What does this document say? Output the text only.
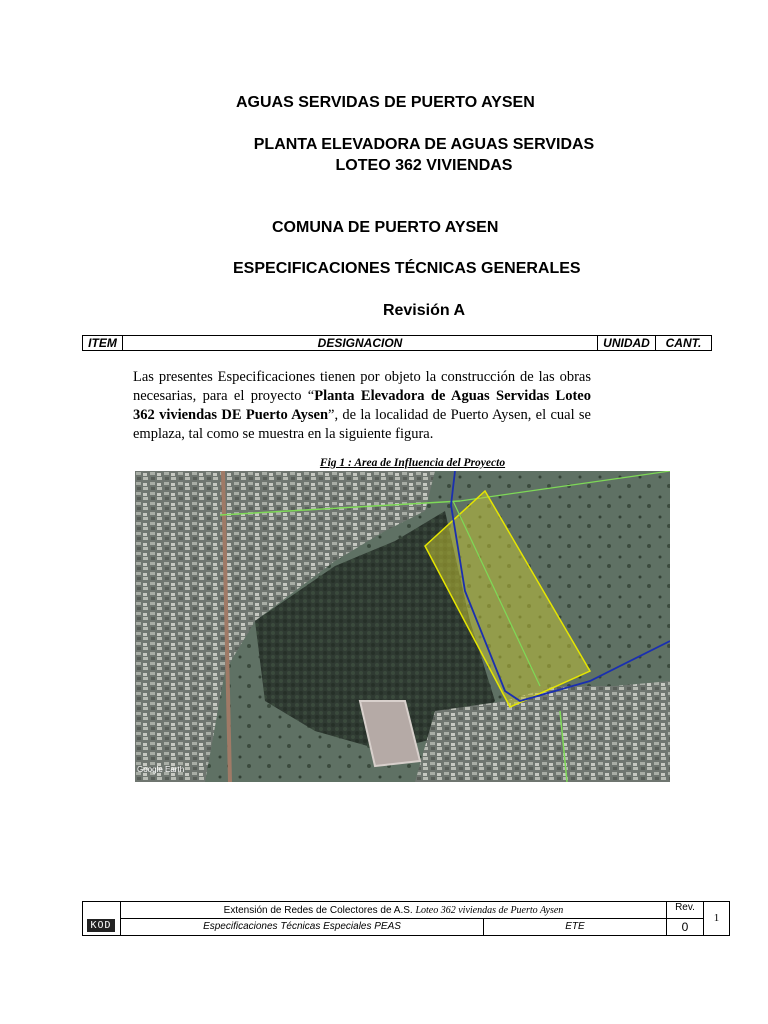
AGUAS SERVIDAS DE PUERTO AYSEN
PLANTA ELEVADORA DE AGUAS SERVIDAS
LOTEO 362 VIVIENDAS
COMUNA DE PUERTO AYSEN
ESPECIFICACIONES TÉCNICAS GENERALES
Revisión A
ITEM	DESIGNACION	UNIDAD	CANT.
Las presentes Especificaciones tienen por objeto la construcción de las obras necesarias, para el proyecto “Planta Elevadora de Aguas Servidas Loteo 362 viviendas DE Puerto Aysen”, de la localidad de Puerto Aysen, el cual se emplaza, tal como se muestra en la siguiente figura.
Fig 1 : Area de Influencia del Proyecto
Google Earth
KOD
Extensión de Redes de Colectores de A.S. Loteo 362 viviendas de Puerto Aysen
Especificaciones Técnicas Especiales PEAS	ETE
Rev.
0
1
